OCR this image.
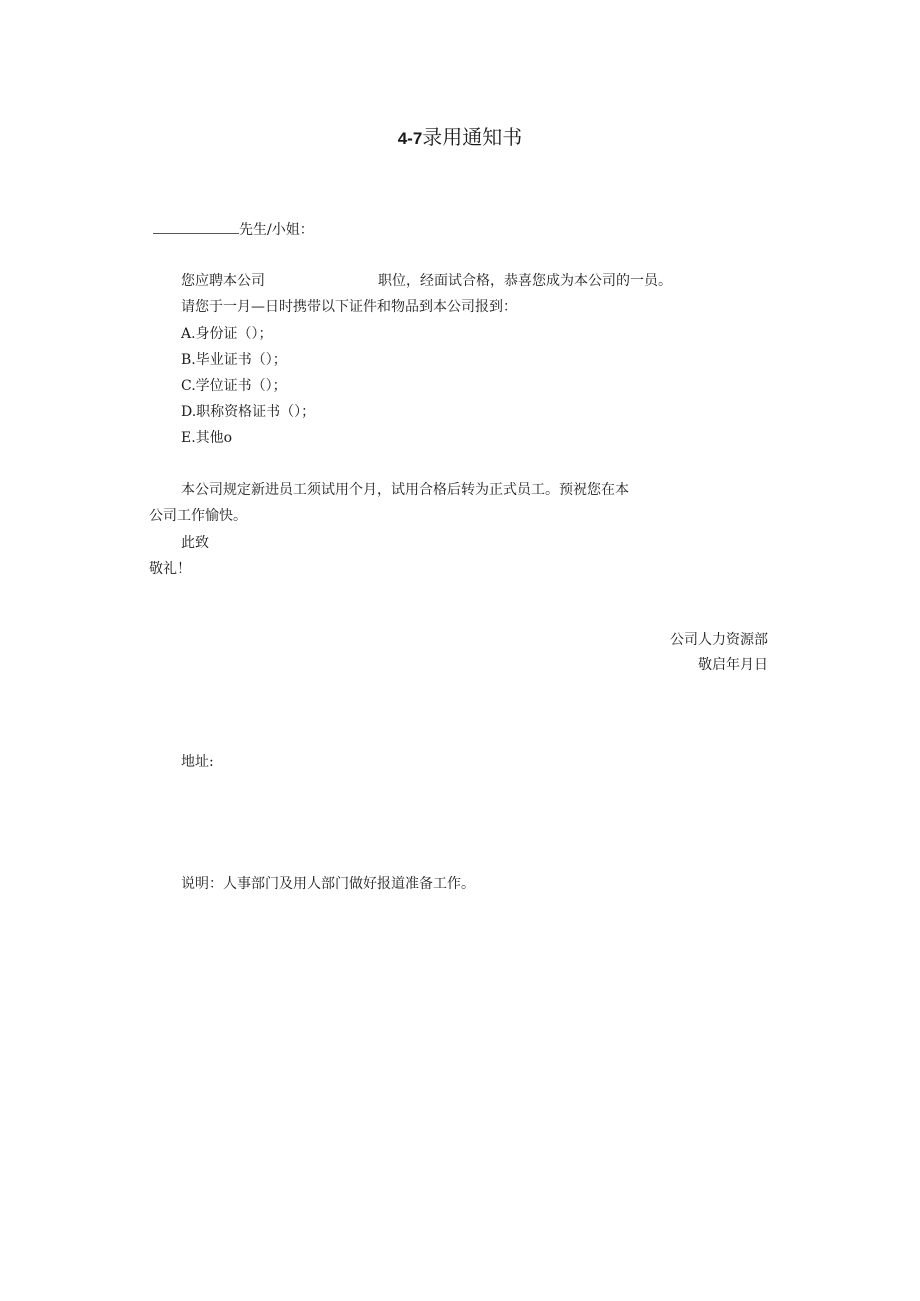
4-7录用通知书
先生/小姐：
您应聘本公司	职位，经面试合格，恭喜您成为本公司的一员。
请您于一月—日时携带以下证件和物品到本公司报到：
A.身份证（）；
B.毕业证书（）；
C.学位证书（）；
D.职称资格证书（）；
E.其他o
本公司规定新进员工须试用个月，试用合格后转为正式员工。预祝您在本
公司工作愉快。
此致
敬礼！
公司人力资源部
敬启年月日
地址:
说明：人事部门及用人部门做好报道准备工作。
